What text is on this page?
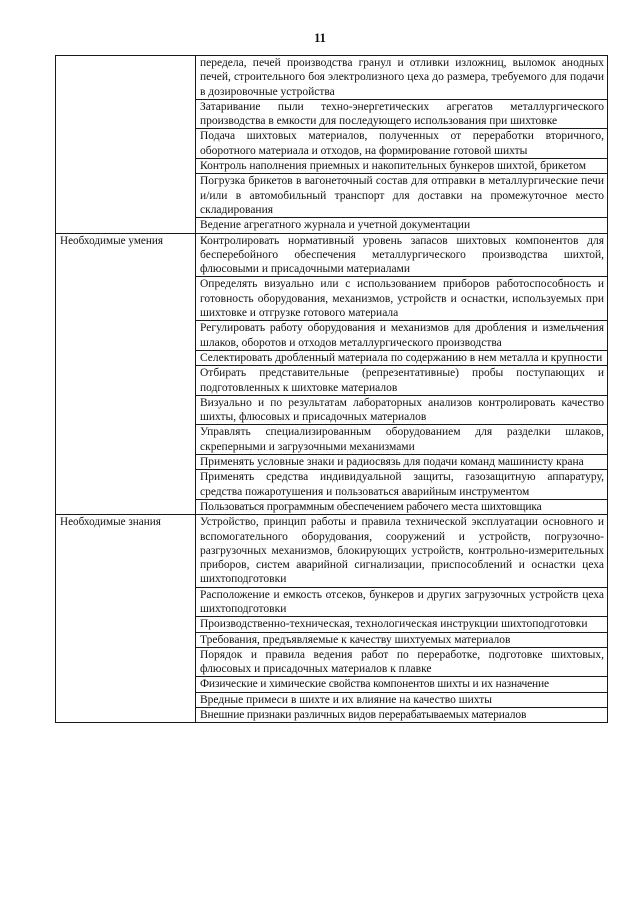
11
	передела, печей производства гранул и отливки изложниц, выломок анодных печей, строительного боя электролизного цеха до размера, требуемого для подачи в дозировочные устройства
	Затаривание пыли техно-энергетических агрегатов металлургического производства в емкости для последующего использования при шихтовке
	Подача шихтовых материалов, полученных от переработки вторичного, оборотного материала и отходов, на формирование готовой шихты
	Контроль наполнения приемных и накопительных бункеров шихтой, брикетом
	Погрузка брикетов в вагонеточный состав для отправки в металлургические печи и/или в автомобильный транспорт для доставки на промежуточное место складирования
	Ведение агрегатного журнала и учетной документации
Необходимые умения	Контролировать нормативный уровень запасов шихтовых компонентов для бесперебойного обеспечения металлургического производства шихтой, флюсовыми и присадочными материалами
	Определять визуально или с использованием приборов работоспособность и готовность оборудования, механизмов, устройств и оснастки, используемых при шихтовке и отгрузке готового материала
	Регулировать работу оборудования и механизмов для дробления и измельчения шлаков, оборотов и отходов металлургического производства
	Селектировать дробленный материала по содержанию в нем металла и крупности
	Отбирать представительные (репрезентативные) пробы поступающих и подготовленных к шихтовке материалов
	Визуально и по результатам лабораторных анализов контролировать качество шихты, флюсовых и присадочных материалов
	Управлять специализированным оборудованием для разделки шлаков, скреперными и загрузочными механизмами
	Применять условные знаки и радиосвязь для подачи команд машинисту крана
	Применять средства индивидуальной защиты, газозащитную аппаратуру, средства пожаротушения и пользоваться аварийным инструментом
	Пользоваться программным обеспечением рабочего места шихтовщика
Необходимые знания	Устройство, принцип работы и правила технической эксплуатации основного и вспомогательного оборудования, сооружений и устройств, погрузочно-разгрузочных механизмов, блокирующих устройств, контрольно-измерительных приборов, систем аварийной сигнализации, приспособлений и оснастки цеха шихтоподготовки
	Расположение и емкость отсеков, бункеров и других загрузочных устройств цеха шихтоподготовки
	Производственно-техническая, технологическая инструкции шихтоподготовки
	Требования, предъявляемые к качеству шихтуемых материалов
	Порядок и правила ведения работ по переработке, подготовке шихтовых, флюсовых и присадочных материалов к плавке
	Физические и химические свойства компонентов шихты и их назначение
	Вредные примеси в шихте и их влияние на качество шихты
	Внешние признаки различных видов перерабатываемых материалов
